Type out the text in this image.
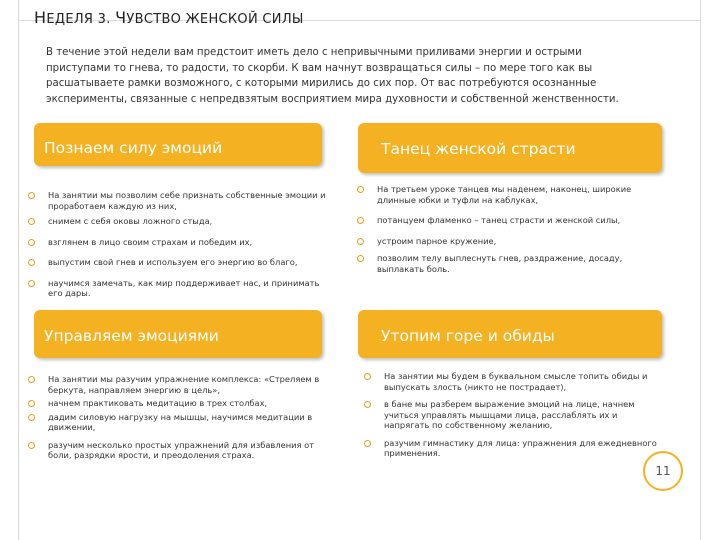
НЕДЕЛЯ 3. ЧУВСТВО ЖЕНСКОЙ СИЛЫ

В течение этой недели вам предстоит иметь дело с непривычными приливами энергии и острыми приступами то гнева, то радости, то скорби. К вам начнут возвращаться силы – по мере того как вы расшатываете рамки возможного, с которыми мирились до сих пор. От вас потребуются осознанные эксперименты, связанные с непредвзятым восприятием мира духовности и собственной женственности.

Познаем силу эмоций
На занятии мы позволим себе признать собственные эмоции и проработаем каждую из них,
снимем с себя оковы ложного стыда,
взглянем в лицо своим страхам и победим их,
выпустим свой гнев и используем его энергию во благо,
научимся замечать, как мир поддерживает нас, и принимать его дары.
Танец женской страсти
На третьем уроке танцев мы наденем, наконец, широкие длинные юбки и туфли на каблуках,
потанцуем фламенко – танец страсти и женской силы,
устроим парное кружение,
позволим телу выплеснуть гнев, раздражение, досаду, выплакать боль.
Управляем эмоциями
На занятии мы разучим упражнение комплекса: «Стреляем в беркута, направляем энергию в цель»,
начнем практиковать медитацию в трех столбах,
дадим силовую нагрузку на мышцы, научимся медитации в движении,
разучим несколько простых упражнений для избавления от боли, разрядки ярости, и преодоления страха.
Утопим горе и обиды
На занятии мы будем в буквальном смысле топить обиды и выпускать злость (никто не пострадает),
в бане мы разберем выражение эмоций на лице, начнем учиться управлять мышцами лица, расслаблять их и напрягать по собственному желанию,
разучим гимнастику для лица: упражнения для ежедневного применения.
11
